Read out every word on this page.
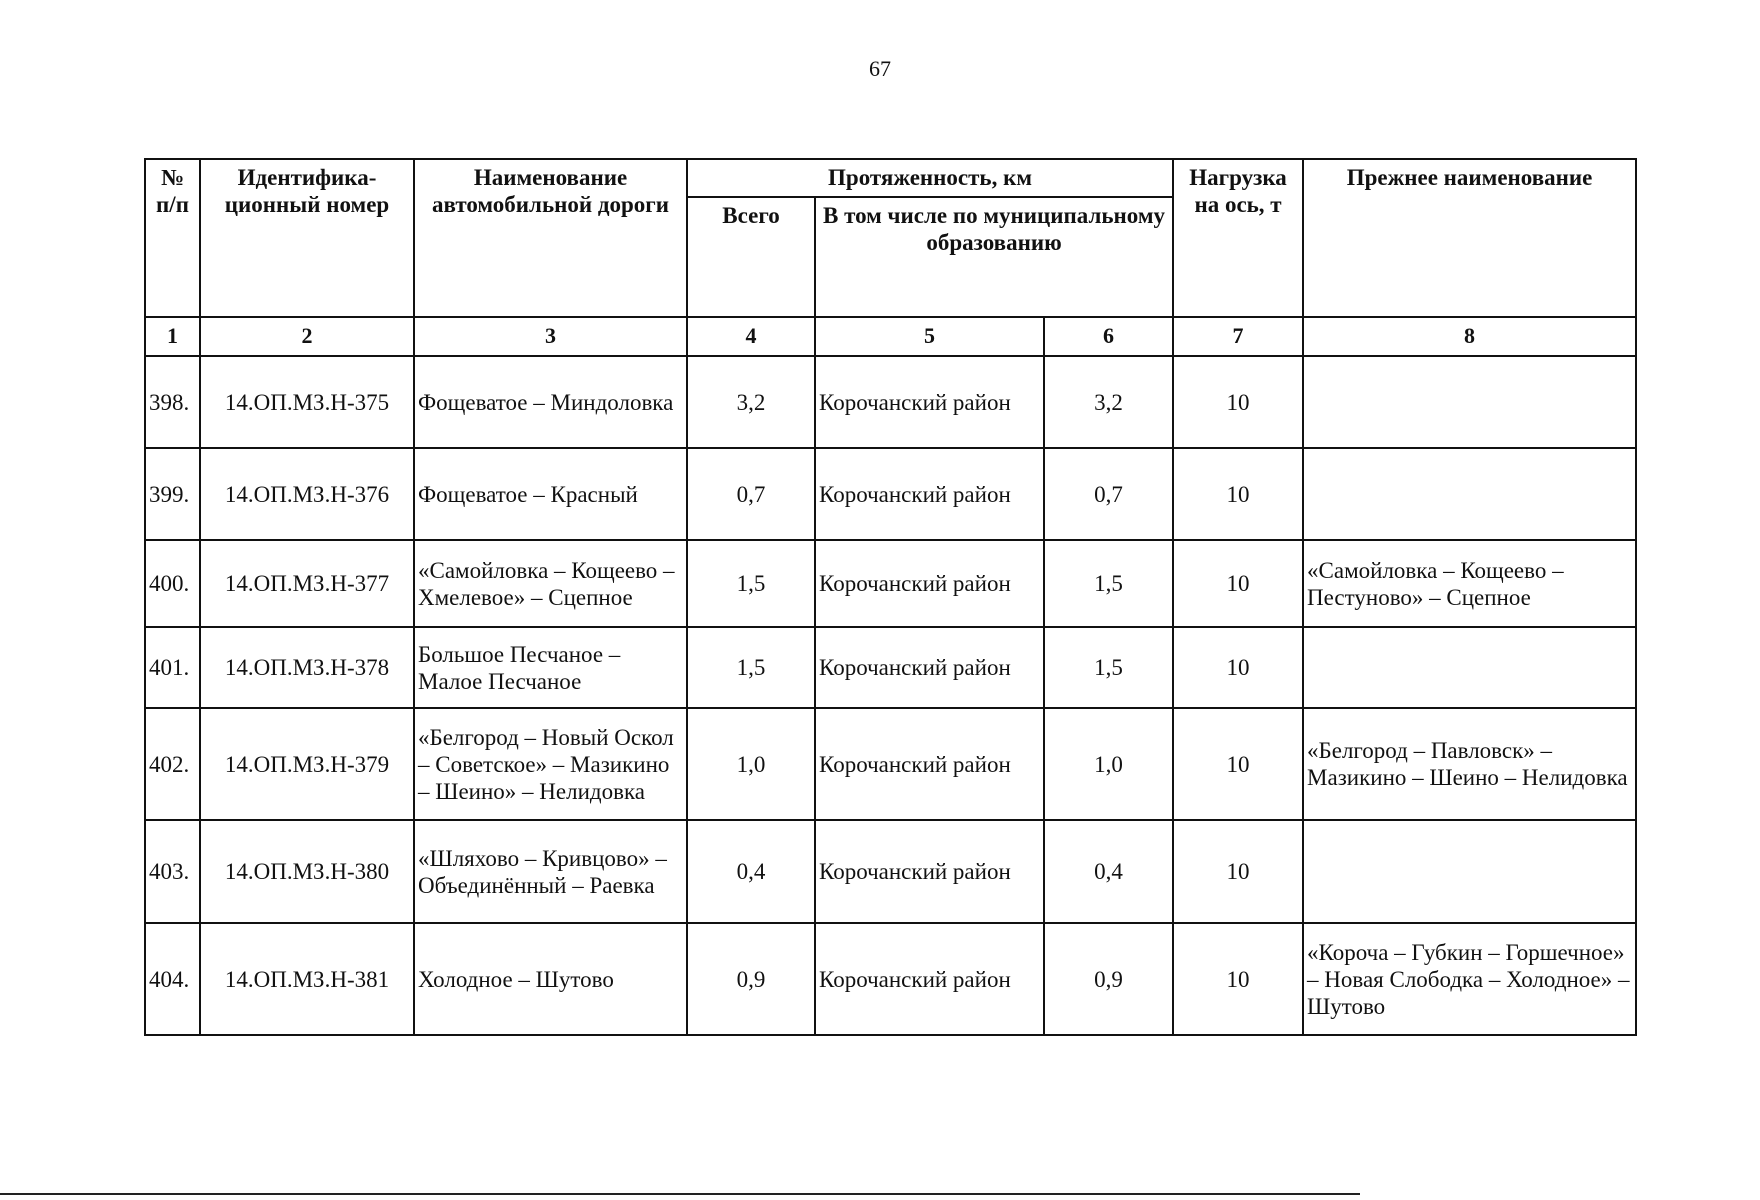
67
№ п/п	Идентифика-ционный номер	Наименование автомобильной дороги	Протяженность, км			Нагрузка на ось, т	Прежнее наименование
			Всего	В том числе по муниципальному образованию			
1	2	3	4	5	6	7	8
398.	14.ОП.МЗ.Н-375	Фощеватое – Миндоловка	3,2	Корочанский район	3,2	10	
399.	14.ОП.МЗ.Н-376	Фощеватое – Красный	0,7	Корочанский район	0,7	10	
400.	14.ОП.МЗ.Н-377	«Самойловка – Кощеево – Хмелевое» – Сцепное	1,5	Корочанский район	1,5	10	«Самойловка – Кощеево – Пестуново» – Сцепное
401.	14.ОП.МЗ.Н-378	Большое Песчаное – Малое Песчаное	1,5	Корочанский район	1,5	10	
402.	14.ОП.МЗ.Н-379	«Белгород – Новый Оскол – Советское» – Мазикино – Шеино» – Нелидовка	1,0	Корочанский район	1,0	10	«Белгород – Павловск» – Мазикино – Шеино – Нелидовка
403.	14.ОП.МЗ.Н-380	«Шляхово – Кривцово» – Объединённый – Раевка	0,4	Корочанский район	0,4	10	
404.	14.ОП.МЗ.Н-381	Холодное – Шутово	0,9	Корочанский район	0,9	10	«Короча – Губкин – Горшечное» – Новая Слободка – Холодное» – Шутово
